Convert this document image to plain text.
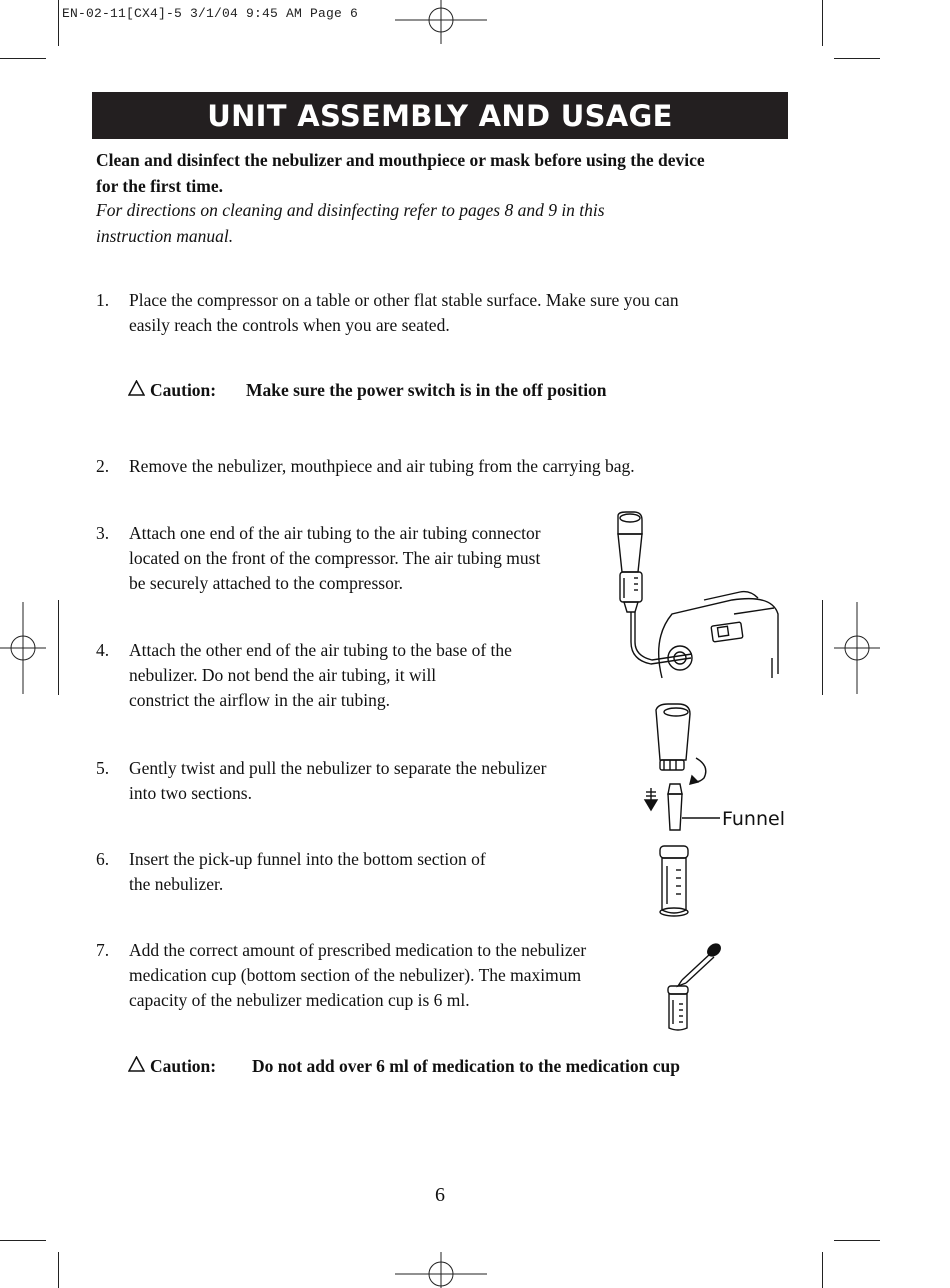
EN-02-11[CX4]-5 3/1/04 9:45 AM Page 6
UNIT ASSEMBLY AND USAGE
Clean and disinfect the nebulizer and mouthpiece or mask before using the device
for the first time.
For directions on cleaning and disinfecting refer to pages 8 and 9 in this
instruction manual.
1.	Place the compressor on a table or other flat stable surface. Make sure you can
easily reach the controls when you are seated.
Caution: Make sure the power switch is in the off position
2.	Remove the nebulizer, mouthpiece and air tubing from the carrying bag.
3.	Attach one end of the air tubing to the air tubing connector
located on the front of the compressor. The air tubing must
be securely attached to the compressor.
4.	Attach the other end of the air tubing to the base of the
nebulizer. Do not bend the air tubing, it will
constrict the airflow in the air tubing.
5.	Gently twist and pull the nebulizer to separate the nebulizer
into two sections.
6.	Insert the pick-up funnel into the bottom section of
the nebulizer.
7.	Add the correct amount of prescribed medication to the nebulizer
medication cup (bottom section of the nebulizer). The maximum
capacity of the nebulizer medication cup is 6 ml.
Caution: Do not add over 6 ml of medication to the medication cup
Funnel
6
